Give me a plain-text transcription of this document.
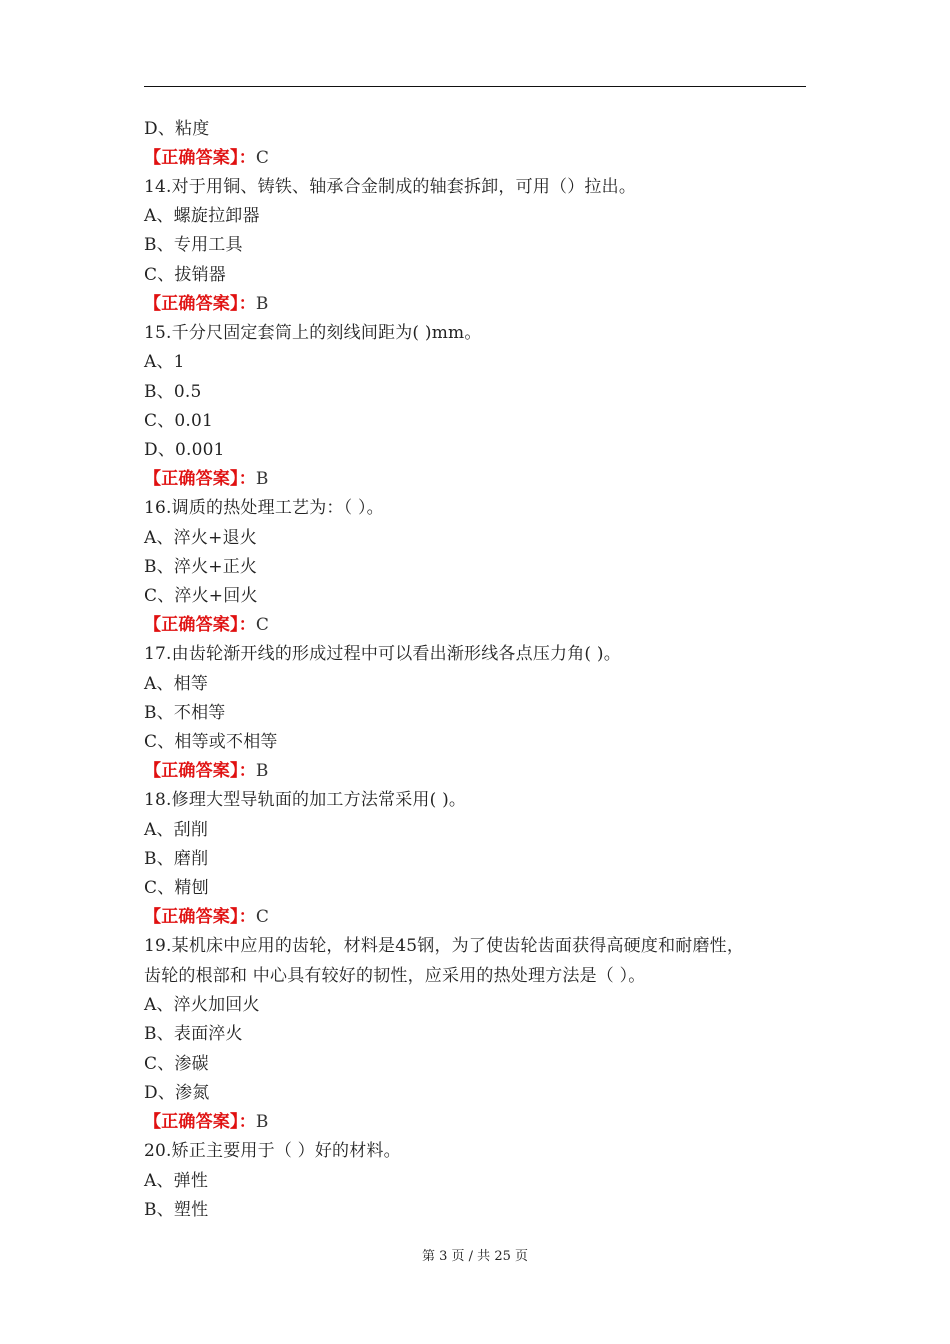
D、粘度
【正确答案】：C
14.对于用铜、铸铁、轴承合金制成的轴套拆卸，可用（）拉出。
A、螺旋拉卸器
B、专用工具
C、拔销器
【正确答案】：B
15.千分尺固定套筒上的刻线间距为( )mm。
A、1
B、0.5
C、0.01
D、0.001
【正确答案】：B
16.调质的热处理工艺为：（ ）。
A、淬火+退火
B、淬火+正火
C、淬火+回火
【正确答案】：C
17.由齿轮渐开线的形成过程中可以看出渐形线各点压力角( )。
A、相等
B、不相等
C、相等或不相等
【正确答案】：B
18.修理大型导轨面的加工方法常采用( )。
A、刮削
B、磨削
C、精刨
【正确答案】：C
19.某机床中应用的齿轮，材料是45钢，为了使齿轮齿面获得高硬度和耐磨性，
齿轮的根部和 中心具有较好的韧性，应采用的热处理方法是（ ）。
A、淬火加回火
B、表面淬火
C、渗碳
D、渗氮
【正确答案】：B
20.矫正主要用于（ ）好的材料。
A、弹性
B、塑性
第 3 页 / 共 25 页
